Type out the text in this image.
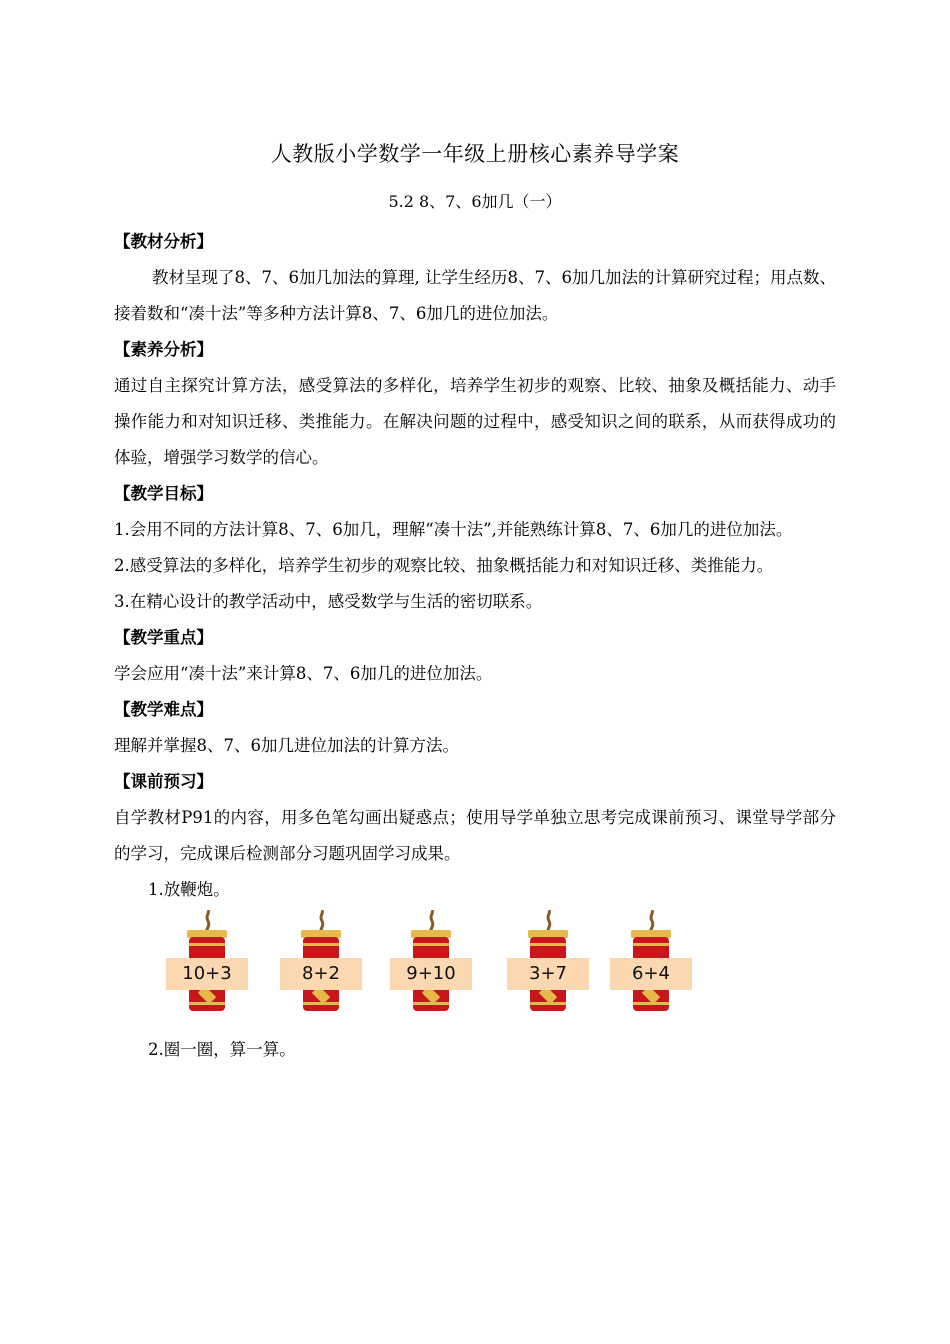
人教版小学数学一年级上册核心素养导学案
5.2 8、7、6加几（一）
【教材分析】
教材呈现了8、7、6加几加法的算理, 让学生经历8、7、6加几加法的计算研究过程；用点数、接着数和“凑十法”等多种方法计算8、7、6加几的进位加法。
【素养分析】
通过自主探究计算方法，感受算法的多样化，培养学生初步的观察、比较、抽象及概括能力、动手操作能力和对知识迁移、类推能力。在解决问题的过程中，感受知识之间的联系，从而获得成功的体验，增强学习数学的信心。
【教学目标】
1.会用不同的方法计算8、7、6加几，理解“凑十法”,并能熟练计算8、7、6加几的进位加法。
2.感受算法的多样化，培养学生初步的观察比较、抽象概括能力和对知识迁移、类推能力。
3.在精心设计的教学活动中，感受数学与生活的密切联系。
【教学重点】
学会应用“凑十法”来计算8、7、6加几的进位加法。
【教学难点】
理解并掌握8、7、6加几进位加法的计算方法。
【课前预习】
自学教材P91的内容，用多色笔勾画出疑惑点；使用导学单独立思考完成课前预习、课堂导学部分的学习，完成课后检测部分习题巩固学习成果。
1.放鞭炮。
10+3	8+2	9+10	3+7	6+4
2.圈一圈，算一算。
